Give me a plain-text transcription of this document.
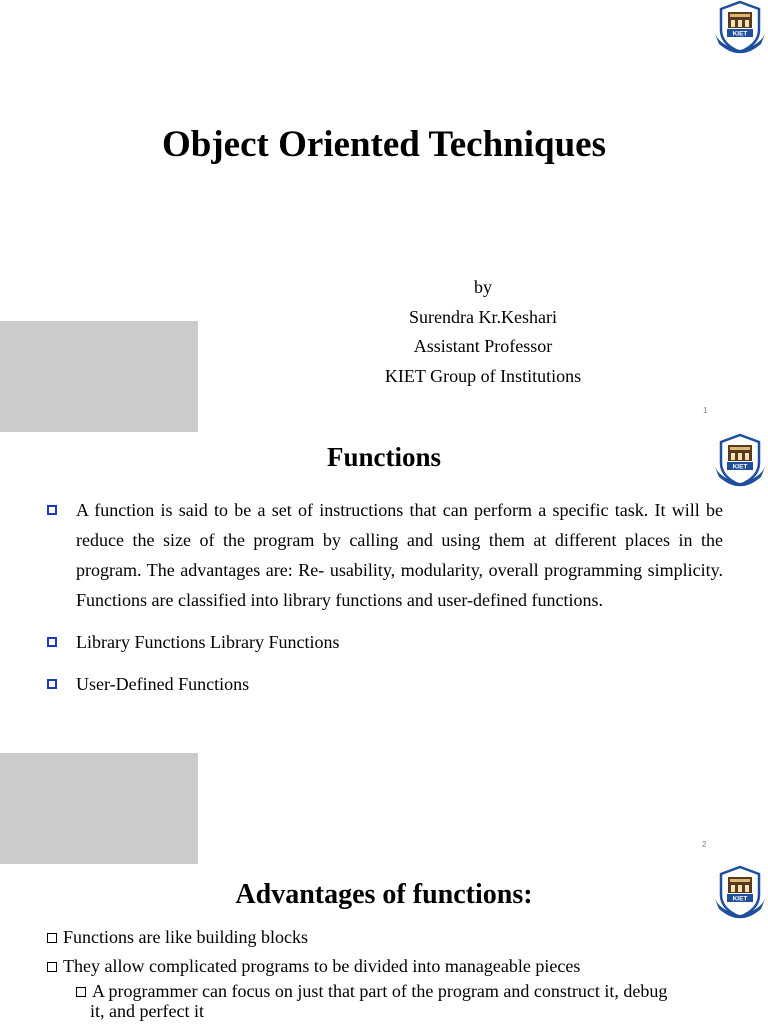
KIET
Object Oriented Techniques
by
Surendra Kr.Keshari
Assistant Professor
KIET Group of Institutions
1
KIET
Functions
A function is said to be a set of instructions that can perform a specific task. It will be reduce the size of the program by calling and using them at different places in the program. The advantages are: Re- usability, modularity, overall programming simplicity. Functions are classified into library functions and user-defined functions.
Library Functions Library Functions
User-Defined Functions
2
KIET
Advantages of functions:
Functions are like building blocks
They allow complicated programs to be divided into manageable pieces
A programmer can focus on just that part of the program and construct it, debug
it, and perfect it
